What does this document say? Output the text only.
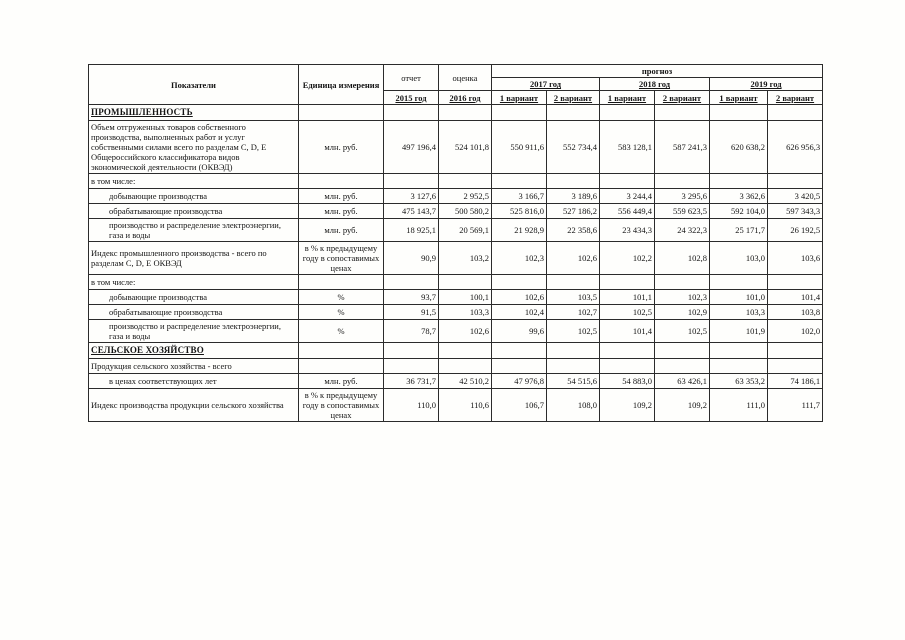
Показатели	Единица измерения	отчет	оценка	прогноз					
				2017 год		2018 год		2019 год	
		2015 год	2016 год	1 вариант	2 вариант	1 вариант	2 вариант	1 вариант	2 вариант
ПРОМЫШЛЕННОСТЬ									
Объем отгруженных товаров собственного производства, выполненных работ и услуг собственными силами всего по разделам C, D, E Общероссийского классификатора видов экономической деятельности (ОКВЭД)	млн. руб.	497 196,4	524 101,8	550 911,6	552 734,4	583 128,1	587 241,3	620 638,2	626 956,3
в том числе:									
добывающие производства	млн. руб.	3 127,6	2 952,5	3 166,7	3 189,6	3 244,4	3 295,6	3 362,6	3 420,5
обрабатывающие производства	млн. руб.	475 143,7	500 580,2	525 816,0	527 186,2	556 449,4	559 623,5	592 104,0	597 343,3
производство и распределение электроэнергии, газа и воды	млн. руб.	18 925,1	20 569,1	21 928,9	22 358,6	23 434,3	24 322,3	25 171,7	26 192,5
Индекс промышленного производства - всего по разделам C, D, E ОКВЭД	в % к предыдущему году в сопоставимых ценах	90,9	103,2	102,3	102,6	102,2	102,8	103,0	103,6
в том числе:									
добывающие производства	%	93,7	100,1	102,6	103,5	101,1	102,3	101,0	101,4
обрабатывающие производства	%	91,5	103,3	102,4	102,7	102,5	102,9	103,3	103,8
производство и распределение электроэнергии, газа и воды	%	78,7	102,6	99,6	102,5	101,4	102,5	101,9	102,0
СЕЛЬСКОЕ ХОЗЯЙСТВО									
Продукция сельского хозяйства - всего									
в ценах соответствующих лет	млн. руб.	36 731,7	42 510,2	47 976,8	54 515,6	54 883,0	63 426,1	63 353,2	74 186,1
Индекс производства продукции сельского хозяйства	в % к предыдущему году в сопоставимых ценах	110,0	110,6	106,7	108,0	109,2	109,2	111,0	111,7
